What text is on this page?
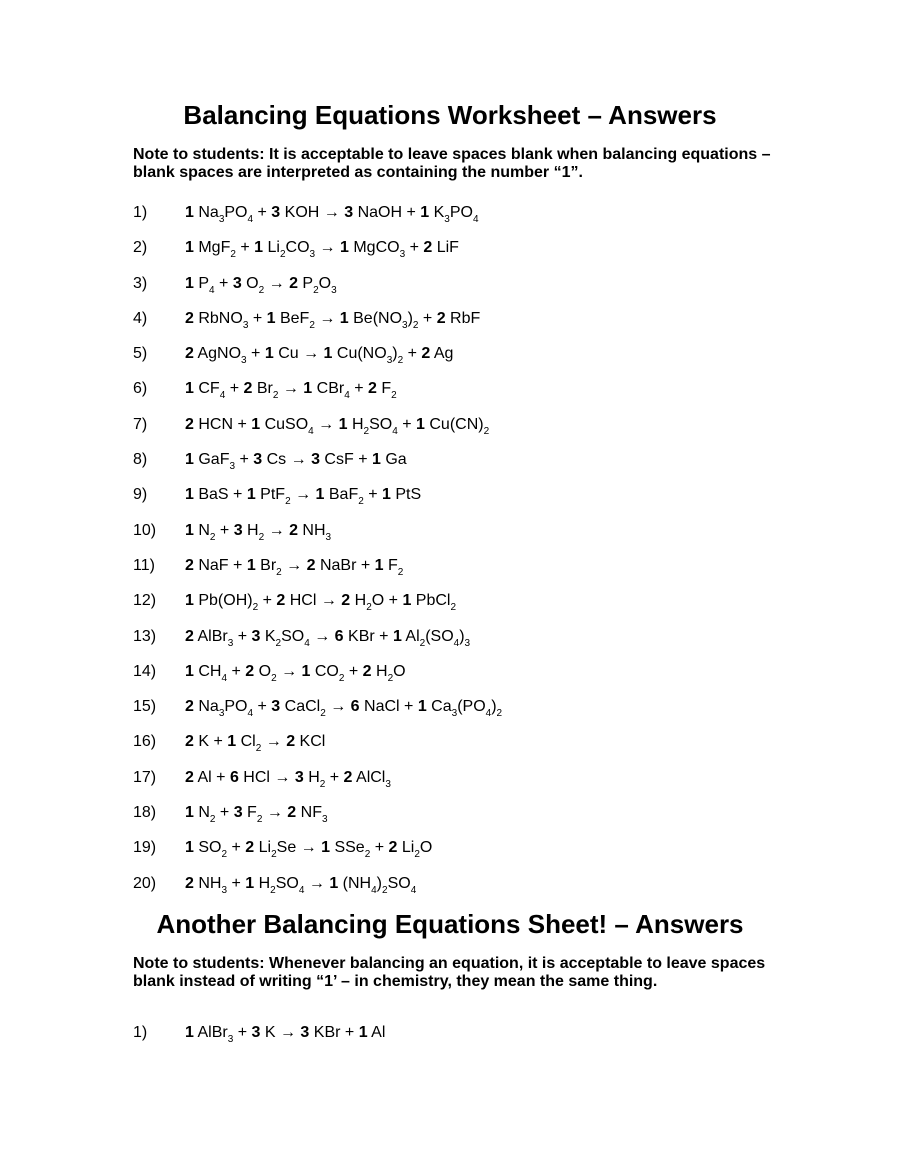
Balancing Equations Worksheet – Answers

Note to students: It is acceptable to leave spaces blank when balancing equations – blank spaces are interpreted as containing the number “1”.

1) 1 $Na_3PO_4 + 3$ KOH → 3 NaOH + 1 $K_3PO_4$
2) 1 MgF$_2$ + 1 $Li_2CO_3 \to 1$ MgCO$_3$ + 2 LiF
3) 1 $P_4 + 3$ $O_2 \to 2$ $P_2O_3$
4) 2 RbNO$_3$ + 1 BeF$_2$ → 1 $Be(NO_3)_2 + 2$ RbF
5) 2 AgNO$_3$ + 1 Cu → 1 $Cu(NO_3)_2 + 2$ Ag
6) 1 $CF_4 + 2$ $Br_2 \to 1$ CBr$_4$ + 2 $F_2$
7) 2 HCN + 1 CuSO$_4$ → 1 $H_2SO_4 + 1$ $Cu(CN)_2$
8) 1 GaF$_3$ + 3 Cs → 3 CsF + 1 Ga
9) 1 BaS + 1 PtF$_2$ → 1 BaF$_2$ + 1 PtS
10) 1 $N_2 + 3$ $H_2 \to 2$ $NH_3$
11) 2 NaF + 1 $Br_2 \to 2$ NaBr + 1 $F_2$
12) 1 $Pb(OH)_2 + 2$ HCl → 2 $H_2O + 1$ PbCl$_2$
13) 2 AlBr$_3$ + 3 $K_2SO_4 \to 6$ KBr + 1 $Al_2(SO_4)_3$
14) 1 $CH_4 + 2$ $O_2 \to 1$ $CO_2 + 2$ $H_2O$
15) 2 $Na_3PO_4 + 3$ CaCl$_2$ → 6 NaCl + 1 $Ca_3(PO_4)_2$
16) 2 K + 1 $Cl_2 \to 2$ KCl
17) 2 Al + 6 HCl → 3 $H_2 + 2$ AlCl$_3$
18) 1 $N_2 + 3$ $F_2 \to 2$ $NF_3$
19) 1 $SO_2 + 2$ $Li_2Se \to 1$ SSe$_2$ + 2 $Li_2O$
20) 2 $NH_3 + 1$ $H_2SO_4 \to 1$ $(NH_4)_2SO_4$
Another Balancing Equations Sheet! – Answers

Note to students: Whenever balancing an equation, it is acceptable to leave spaces blank instead of writing “1’ – in chemistry, they mean the same thing.

1) 1 AlBr$_3$ + 3 K → 3 KBr + 1 Al
